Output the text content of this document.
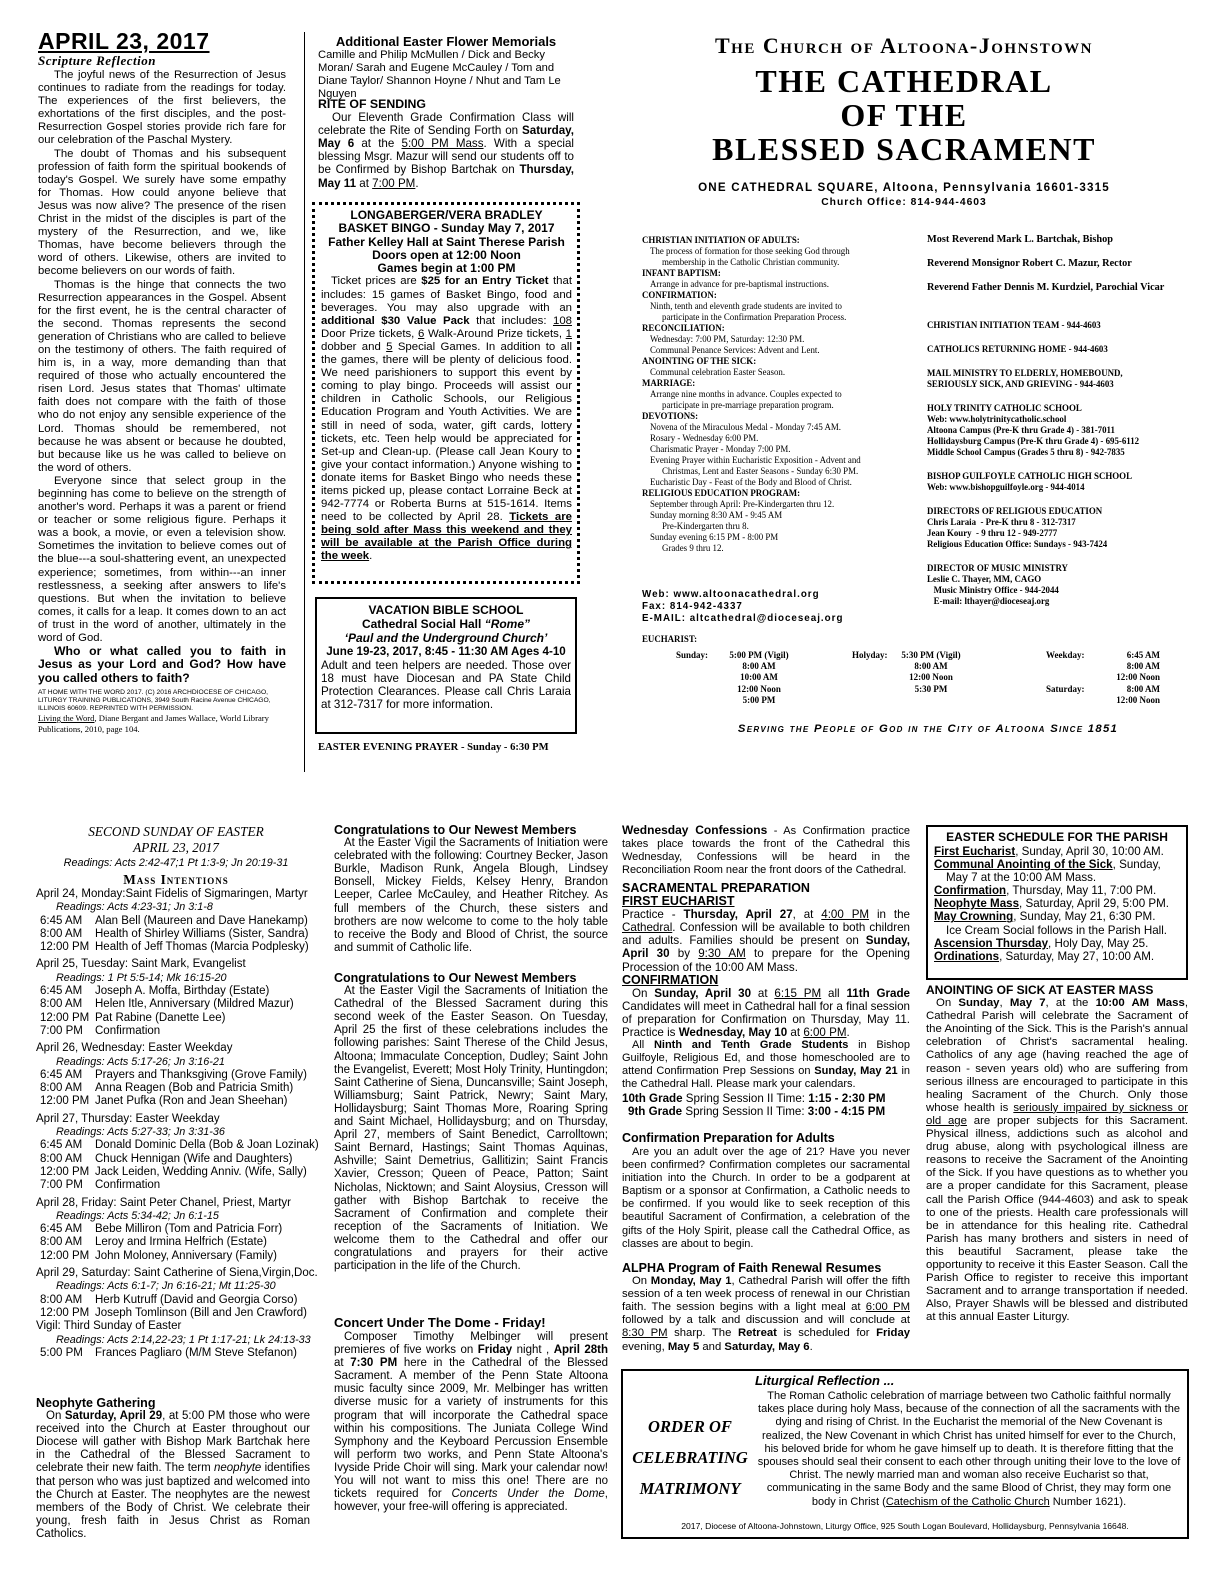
APRIL 23, 2017
Scripture Reflection

The joyful news of the Resurrection of Jesus continues to radiate from the readings for today. The experiences of the first believers, the exhortations of the first disciples, and the post-Resurrection Gospel stories provide rich fare for our celebration of the Paschal Mystery.

The doubt of Thomas and his subsequent profession of faith form the spiritual bookends of today's Gospel. We surely have some empathy for Thomas. How could anyone believe that Jesus was now alive? The presence of the risen Christ in the midst of the disciples is part of the mystery of the Resurrection, and we, like Thomas, have become believers through the word of others. Likewise, others are invited to become believers on our words of faith.

Thomas is the hinge that connects the two Resurrection appearances in the Gospel. Absent for the first event, he is the central character of the second. Thomas represents the second generation of Christians who are called to believe on the testimony of others. The faith required of him is, in a way, more demanding than that required of those who actually encountered the risen Lord. Jesus states that Thomas' ultimate faith does not compare with the faith of those who do not enjoy any sensible experience of the Lord. Thomas should be remembered, not because he was absent or because he doubted, but because like us he was called to believe on the word of others.

Everyone since that select group in the beginning has come to believe on the strength of another's word. Perhaps it was a parent or friend or teacher or some religious figure. Perhaps it was a book, a movie, or even a television show. Sometimes the invitation to believe comes out of the blue---a soul-shattering event, an unexpected experience; sometimes, from within---an inner restlessness, a seeking after answers to life's questions. But when the invitation to believe comes, it calls for a leap. It comes down to an act of trust in the word of another, ultimately in the word of God.

Who or what called you to faith in Jesus as your Lord and God? How have you called others to faith?

AT HOME WITH THE WORD 2017. (C) 2016 ARCHDIOCESE OF CHICAGO, LITURGY TRAINING PUBLICATIONS, 3949 South Racine Avenue CHICAGO, ILLINOIS 60609. REPRINTED WITH PERMISSION.

Living the Word, Diane Bergant and James Wallace, World Library Publications, 2010, page 104.

Additional Easter Flower Memorials
Camille and Philip McMullen / Dick and Becky Moran/ Sarah and Eugene McCauley / Tom and Diane Taylor/ Shannon Hoyne / Nhut and Tam Le Nguyen
RITE OF SENDING

Our Eleventh Grade Confirmation Class will celebrate the Rite of Sending Forth on Saturday, May 6 at the 5:00 PM Mass. With a special blessing Msgr. Mazur will send our students off to be Confirmed by Bishop Bartchak on Thursday, May 11 at 7:00 PM.

LONGABERGER/VERA BRADLEY
BASKET BINGO - Sunday May 7, 2017
Father Kelley Hall at Saint Therese Parish
Doors open at 12:00 Noon
Games begin at 1:00 PM

Ticket prices are $25 for an Entry Ticket that includes: 15 games of Basket Bingo, food and beverages. You may also upgrade with an additional $30 Value Pack that includes: 108 Door Prize tickets, 6 Walk-Around Prize tickets, 1 dobber and 5 Special Games. In addition to all the games, there will be plenty of delicious food. We need parishioners to support this event by coming to play bingo. Proceeds will assist our children in Catholic Schools, our Religious Education Program and Youth Activities. We are still in need of soda, water, gift cards, lottery tickets, etc. Teen help would be appreciated for Set-up and Clean-up. (Please call Jean Koury to give your contact information.) Anyone wishing to donate items for Basket Bingo who needs these items picked up, please contact Lorraine Beck at 942-7774 or Roberta Burns at 515-1614. Items need to be collected by April 28. Tickets are being sold after Mass this weekend and they will be available at the Parish Office during the week.

VACATION BIBLE SCHOOL
Cathedral Social Hall “Rome”
‘Paul and the Underground Church’
June 19-23, 2017, 8:45 - 11:30 AM Ages 4-10
Adult and teen helpers are needed. Those over 18 must have Diocesan and PA State Child Protection Clearances. Please call Chris Laraia at 312-7317 for more information.
EASTER EVENING PRAYER - Sunday - 6:30 PM
The Church of Altoona-Johnstown
THE CATHEDRAL
OF THE
BLESSED SACRAMENT
ONE CATHEDRAL SQUARE, Altoona, Pennsylvania 16601-3315
Church Office: 814-944-4603
CHRISTIAN INITIATION OF ADULTS:
The process of formation for those seeking God through
membership in the Catholic Christian community.
INFANT BAPTISM:
Arrange in advance for pre-baptismal instructions.
CONFIRMATION:
Ninth, tenth and eleventh grade students are invited to
participate in the Confirmation Preparation Process.
RECONCILIATION:
Wednesday: 7:00 PM, Saturday: 12:30 PM.
Communal Penance Services: Advent and Lent.
ANOINTING OF THE SICK:
Communal celebration Easter Season.
MARRIAGE:
Arrange nine months in advance. Couples expected to
participate in pre-marriage preparation program.
DEVOTIONS:
Novena of the Miraculous Medal - Monday 7:45 AM.
Rosary - Wednesday 6:00 PM.
Charismatic Prayer - Monday 7:00 PM.
Evening Prayer within Eucharistic Exposition - Advent and
Christmas, Lent and Easter Seasons - Sunday 6:30 PM.
Eucharistic Day - Feast of the Body and Blood of Christ.
RELIGIOUS EDUCATION PROGRAM:
September through April: Pre-Kindergarten thru 12.
Sunday morning 8:30 AM - 9:45 AM
Pre-Kindergarten thru 8.
Sunday evening 6:15 PM - 8:00 PM
Grades 9 thru 12.
Web: www.altoonacathedral.org
Fax: 814-942-4337
E-MAIL: altcathedral@dioceseaj.org
Most Reverend Mark L. Bartchak, Bishop
Reverend Monsignor Robert C. Mazur, Rector
Reverend Father Dennis M. Kurdziel, Parochial Vicar
CHRISTIAN INITIATION TEAM - 944-4603
CATHOLICS RETURNING HOME - 944-4603
MAIL MINISTRY TO ELDERLY, HOMEBOUND,
SERIOUSLY SICK, AND GRIEVING - 944-4603
HOLY TRINITY CATHOLIC SCHOOL
Web: www.holytrinitycatholic.school
Altoona Campus (Pre-K thru Grade 4) - 381-7011
Hollidaysburg Campus (Pre-K thru Grade 4) - 695-6112
Middle School Campus (Grades 5 thru 8) - 942-7835
BISHOP GUILFOYLE CATHOLIC HIGH SCHOOL
Web: www.bishopguilfoyle.org - 944-4014
DIRECTORS OF RELIGIOUS EDUCATION
Chris Laraia  - Pre-K thru 8 - 312-7317
Jean Koury  - 9 thru 12 - 949-2777
Religious Education Office: Sundays - 943-7424
DIRECTOR OF MUSIC MINISTRY
Leslie C. Thayer, MM, CAGO
Music Ministry Office - 944-2044
E-mail: lthayer@dioceseaj.org
EUCHARIST:
Sunday:	5:00 PM (Vigil)
8:00 AM
10:00 AM
12:00 Noon
5:00 PM
Holyday:	5:30 PM (Vigil)
8:00 AM
12:00 Noon
5:30 PM
Weekday:
Saturday:
6:45 AM
8:00 AM
12:00 Noon
8:00 AM
12:00 Noon
Serving the People of God in the City of Altoona Since 1851
SECOND SUNDAY OF EASTER
APRIL 23, 2017
Readings: Acts 2:42-47;1 Pt 1:3-9; Jn 20:19-31
Mass Intentions
April 24, Monday:Saint Fidelis of Sigmaringen, Martyr
Readings: Acts 4:23-31; Jn 3:1-8
6:45 AM Alan Bell (Maureen and Dave Hanekamp)
8:00 AM Health of Shirley Williams (Sister, Sandra)
12:00 PM Health of Jeff Thomas (Marcia Podplesky)
April 25, Tuesday: Saint Mark, Evangelist
Readings: 1 Pt 5:5-14; Mk 16:15-20
6:45 AM Joseph A. Moffa, Birthday (Estate)
8:00 AM Helen Itle, Anniversary (Mildred Mazur)
12:00 PM Pat Rabine (Danette Lee)
7:00 PM Confirmation
April 26, Wednesday: Easter Weekday
Readings: Acts 5:17-26; Jn 3:16-21
6:45 AM Prayers and Thanksgiving (Grove Family)
8:00 AM Anna Reagen (Bob and Patricia Smith)
12:00 PM Janet Pufka (Ron and Jean Sheehan)
April 27, Thursday: Easter Weekday
Readings: Acts 5:27-33; Jn 3:31-36
6:45 AM Donald Dominic Della (Bob & Joan Lozinak)
8:00 AM Chuck Hennigan (Wife and Daughters)
12:00 PM Jack Leiden, Wedding Anniv. (Wife, Sally)
7:00 PM Confirmation
April 28, Friday: Saint Peter Chanel, Priest, Martyr
Readings: Acts 5:34-42; Jn 6:1-15
6:45 AM Bebe Milliron (Tom and Patricia Forr)
8:00 AM Leroy and Irmina Helfrich (Estate)
12:00 PM John Moloney, Anniversary (Family)
April 29, Saturday: Saint Catherine of Siena,Virgin,Doc.
Readings: Acts 6:1-7; Jn 6:16-21; Mt 11:25-30
8:00 AM Herb Kutruff (David and Georgia Corso)
12:00 PM Joseph Tomlinson (Bill and Jen Crawford)
Vigil: Third Sunday of Easter
Readings: Acts 2:14,22-23; 1 Pt 1:17-21; Lk 24:13-33
5:00 PM Frances Pagliaro (M/M Steve Stefanon)
Neophyte Gathering

On Saturday, April 29, at 5:00 PM those who were received into the Church at Easter throughout our Diocese will gather with Bishop Mark Bartchak here in the Cathedral of the Blessed Sacrament to celebrate their new faith. The term neophyte identifies that person who was just baptized and welcomed into the Church at Easter. The neophytes are the newest members of the Body of Christ. We celebrate their young, fresh faith in Jesus Christ as Roman Catholics.

Congratulations to Our Newest Members

At the Easter Vigil the Sacraments of Initiation were celebrated with the following: Courtney Becker, Jason Burkle, Madison Runk, Angela Blough, Lindsey Bonsell, Mickey Fields, Kelsey Henry, Brandon Leeper, Carlee McCauley, and Heather Ritchey. As full members of the Church, these sisters and brothers are now welcome to come to the holy table to receive the Body and Blood of Christ, the source and summit of Catholic life.

Congratulations to Our Newest Members

At the Easter Vigil the Sacraments of Initiation the Cathedral of the Blessed Sacrament during this second week of the Easter Season. On Tuesday, April 25 the first of these celebrations includes the following parishes: Saint Therese of the Child Jesus, Altoona; Immaculate Conception, Dudley; Saint John the Evangelist, Everett; Most Holy Trinity, Huntingdon; Saint Catherine of Siena, Duncansville; Saint Joseph, Williamsburg; Saint Patrick, Newry; Saint Mary, Hollidaysburg; Saint Thomas More, Roaring Spring and Saint Michael, Hollidaysburg; and on Thursday, April 27, members of Saint Benedict, Carrolltown; Saint Bernard, Hastings; Saint Thomas Aquinas, Ashville; Saint Demetrius, Gallitizin; Saint Francis Xavier, Cresson; Queen of Peace, Patton; Saint Nicholas, Nicktown; and Saint Aloysius, Cresson will gather with Bishop Bartchak to receive the Sacrament of Confirmation and complete their reception of the Sacraments of Initiation. We welcome them to the Cathedral and offer our congratulations and prayers for their active participation in the life of the Church.

Concert Under The Dome - Friday!

Composer Timothy Melbinger will present premieres of five works on Friday night , April 28th at 7:30 PM here in the Cathedral of the Blessed Sacrament. A member of the Penn State Altoona music faculty since 2009, Mr. Melbinger has written diverse music for a variety of instruments for this program that will incorporate the Cathedral space within his compositions. The Juniata College Wind Symphony and the Keyboard Percussion Ensemble will perform two works, and Penn State Altoona's Ivyside Pride Choir will sing. Mark your calendar now! You will not want to miss this one! There are no tickets required for Concerts Under the Dome, however, your free-will offering is appreciated.

Wednesday Confessions - As Confirmation practice takes place towards the front of the Cathedral this Wednesday, Confessions will be heard in the Reconciliation Room near the front doors of the Cathedral.

SACRAMENTAL PREPARATION
FIRST EUCHARIST

Practice - Thursday, April 27, at 4:00 PM in the Cathedral. Confession will be available to both children and adults. Families should be present on Sunday, April 30 by 9:30 AM to prepare for the Opening Procession of the 10:00 AM Mass.

CONFIRMATION

On Sunday, April 30 at 6:15 PM all 11th Grade Candidates will meet in Cathedral hall for a final session of preparation for Confirmation on Thursday, May 11. Practice is Wednesday, May 10 at 6:00 PM.

All Ninth and Tenth Grade Students in Bishop Guilfoyle, Religious Ed, and those homeschooled are to attend Confirmation Prep Sessions on Sunday, May 21 in the Cathedral Hall. Please mark your calendars.

10th Grade Spring Session II Time: 1:15 - 2:30 PM
9th Grade Spring Session II Time: 3:00 - 4:15 PM
Confirmation Preparation for Adults

Are you an adult over the age of 21? Have you never been confirmed? Confirmation completes our sacramental initiation into the Church. In order to be a godparent at Baptism or a sponsor at Confirmation, a Catholic needs to be confirmed. If you would like to seek reception of this beautiful Sacrament of Confirmation, a celebration of the gifts of the Holy Spirit, please call the Cathedral Office, as classes are about to begin.

ALPHA Program of Faith Renewal Resumes

On Monday, May 1, Cathedral Parish will offer the fifth session of a ten week process of renewal in our Christian faith. The session begins with a light meal at 6:00 PM followed by a talk and discussion and will conclude at 8:30 PM sharp. The Retreat is scheduled for Friday evening, May 5 and Saturday, May 6.

EASTER SCHEDULE FOR THE PARISH
First Eucharist, Sunday, April 30, 10:00 AM.
Communal Anointing of the Sick, Sunday, May 7 at the 10:00 AM Mass.
Confirmation, Thursday, May 11, 7:00 PM.
Neophyte Mass, Saturday, April 29, 5:00 PM.
May Crowning, Sunday, May 21, 6:30 PM.
Ice Cream Social follows in the Parish Hall.
Ascension Thursday, Holy Day, May 25.
Ordinations, Saturday, May 27, 10:00 AM.
ANOINTING OF SICK AT EASTER MASS

On Sunday, May 7, at the 10:00 AM Mass, Cathedral Parish will celebrate the Sacrament of the Anointing of the Sick. This is the Parish's annual celebration of Christ's sacramental healing. Catholics of any age (having reached the age of reason - seven years old) who are suffering from serious illness are encouraged to participate in this healing Sacrament of the Church. Only those whose health is seriously impaired by sickness or old age are proper subjects for this Sacrament. Physical illness, addictions such as alcohol and drug abuse, along with psychological illness are reasons to receive the Sacrament of the Anointing of the Sick. If you have questions as to whether you are a proper candidate for this Sacrament, please call the Parish Office (944-4603) and ask to speak to one of the priests. Health care professionals will be in attendance for this healing rite. Cathedral Parish has many brothers and sisters in need of this beautiful Sacrament, please take the opportunity to receive it this Easter Season. Call the Parish Office to register to receive this important Sacrament and to arrange transportation if needed. Also, Prayer Shawls will be blessed and distributed at this annual Easter Liturgy.

Liturgical Reflection ...
ORDER OF
CELEBRATING
MATRIMONY
The Roman Catholic celebration of marriage between two Catholic faithful normally takes place during holy Mass, because of the connection of all the sacraments with the dying and rising of Christ. In the Eucharist the memorial of the New Covenant is realized, the New Covenant in which Christ has united himself for ever to the Church, his beloved bride for whom he gave himself up to death. It is therefore fitting that the spouses should seal their consent to each other through uniting their love to the love of Christ. The newly married man and woman also receive Eucharist so that, communicating in the same Body and the same Blood of Christ, they may form one body in Christ (Catechism of the Catholic Church Number 1621).
2017, Diocese of Altoona-Johnstown, Liturgy Office, 925 South Logan Boulevard, Hollidaysburg, Pennsylvania 16648.
